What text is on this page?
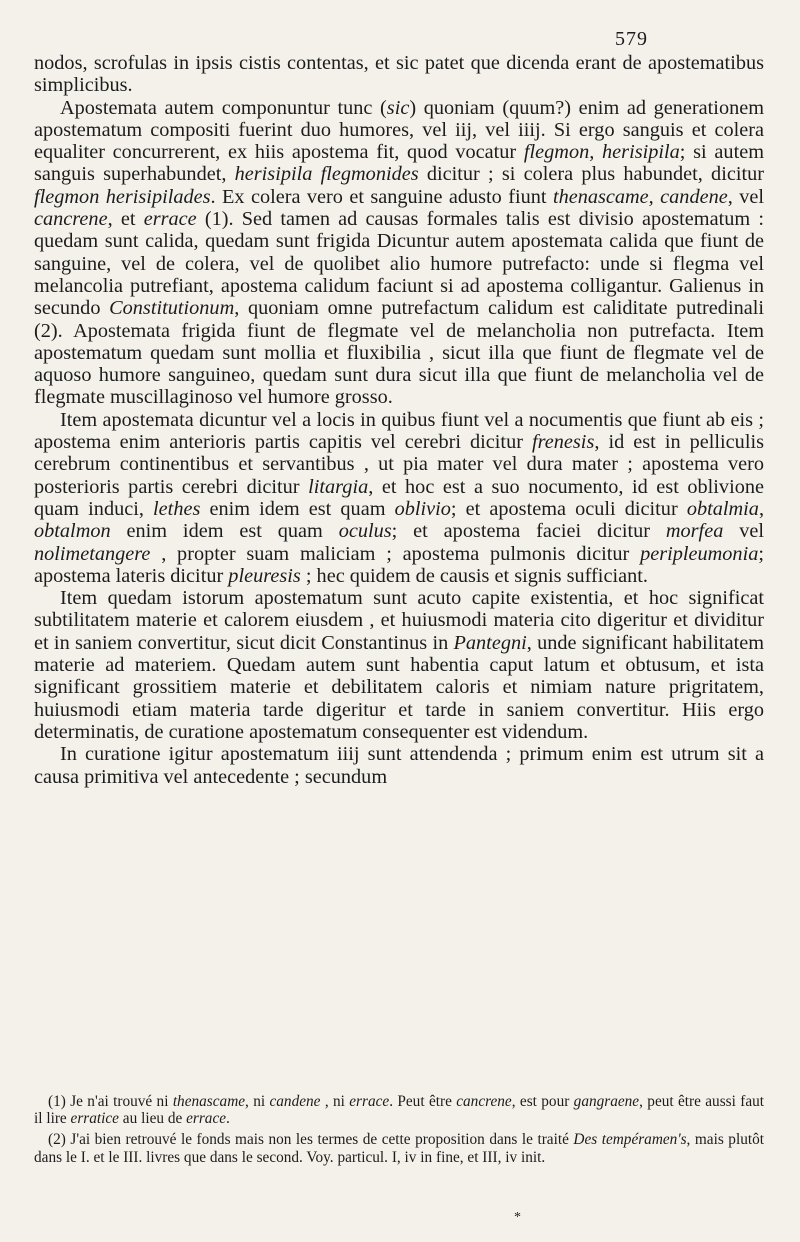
579

nodos, scrofulas in ipsis cistis contentas, et sic patet que dicenda erant de apostematibus simplicibus.

Apostemata autem componuntur tunc (sic) quoniam (quum?) enim ad generationem apostematum compositi fuerint duo humores, vel iij, vel iiij. Si ergo sanguis et colera equaliter concurrerent, ex hiis apostema fit, quod vocatur flegmon, herisipila; si autem sanguis superhabundet, herisipila flegmonides dicitur ; si colera plus habundet, dicitur flegmon herisipilades. Ex colera vero et sanguine adusto fiunt thenascame, candene, vel cancrene, et errace (1). Sed tamen ad causas formales talis est divisio apostematum : quedam sunt calida, quedam sunt frigida Dicuntur autem apostemata calida que fiunt de sanguine, vel de colera, vel de quolibet alio humore putrefacto: unde si flegma vel melancolia putrefiant, apostema calidum faciunt si ad apostema colligantur. Galienus in secundo Constitutionum, quoniam omne putrefactum calidum est caliditate putredinali (2). Apostemata frigida fiunt de flegmate vel de melancholia non putrefacta. Item apostematum quedam sunt mollia et fluxibilia , sicut illa que fiunt de flegmate vel de aquoso humore sanguineo, quedam sunt dura sicut illa que fiunt de melancholia vel de flegmate muscillaginoso vel humore grosso.

Item apostemata dicuntur vel a locis in quibus fiunt vel a nocumentis que fiunt ab eis ; apostema enim anterioris partis capitis vel cerebri dicitur frenesis, id est in pelliculis cerebrum continentibus et servantibus , ut pia mater vel dura mater ; apostema vero posterioris partis cerebri dicitur litargia, et hoc est a suo nocumento, id est oblivione quam induci, lethes enim idem est quam oblivio; et apostema oculi dicitur obtalmia, obtalmon enim idem est quam oculus; et apostema faciei dicitur morfea vel nolimetangere , propter suam maliciam ; apostema pulmonis dicitur peripleumonia; apostema lateris dicitur pleuresis ; hec quidem de causis et signis sufficiant.

Item quedam istorum apostematum sunt acuto capite existentia, et hoc significat subtilitatem materie et calorem eiusdem , et huiusmodi materia cito digeritur et dividitur et in saniem convertitur, sicut dicit Constantinus in Pantegni, unde significant habilitatem materie ad materiem. Quedam autem sunt habentia caput latum et obtusum, et ista significant grossitiem materie et debilitatem caloris et nimiam nature prigritatem, huiusmodi etiam materia tarde digeritur et tarde in saniem convertitur. Hiis ergo determinatis, de curatione apostematum consequenter est videndum.

In curatione igitur apostematum iiij sunt attendenda ; primum enim est utrum sit a causa primitiva vel antecedente ; secundum

(1) Je n'ai trouvé ni thenascame, ni candene , ni errace. Peut être cancrene, est pour gangraene, peut être aussi faut il lire erratice au lieu de errace.

(2) J'ai bien retrouvé le fonds mais non les termes de cette proposition dans le traité Des tempéramen's, mais plutôt dans le I. et le III. livres que dans le second. Voy. particul. I, iv in fine, et III, iv init.

*
